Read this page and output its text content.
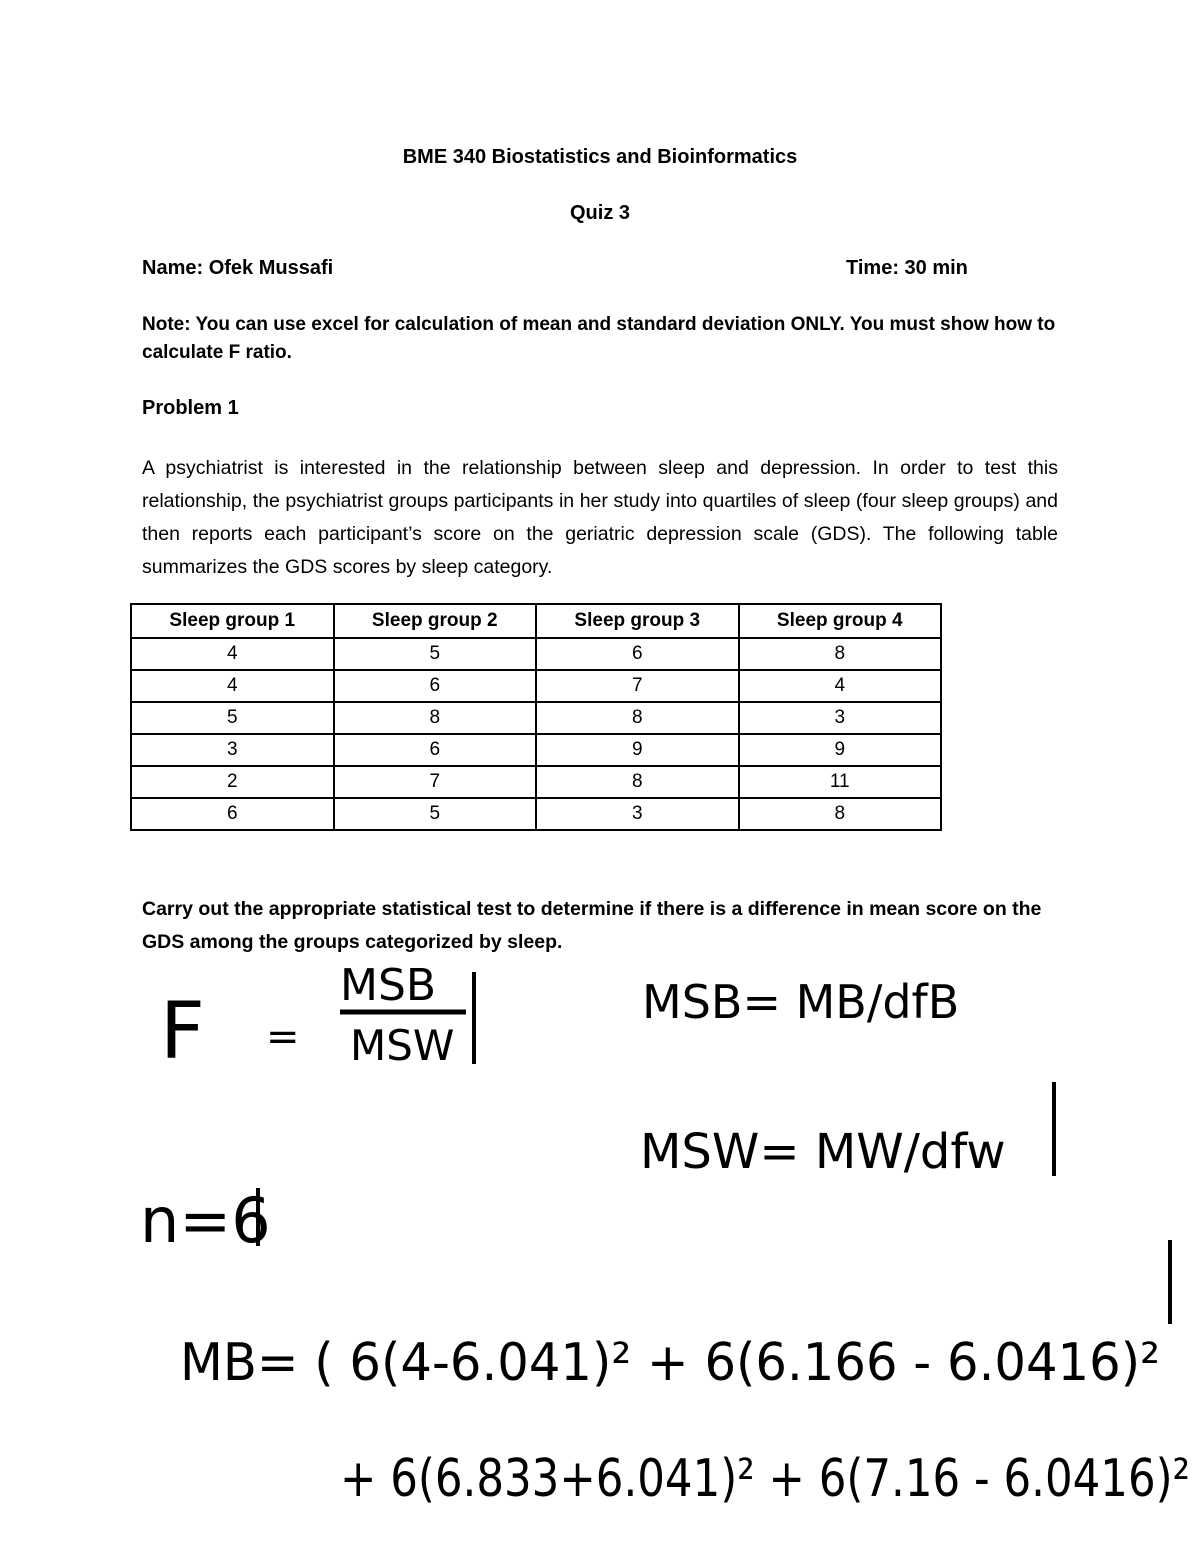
BME 340 Biostatistics and Bioinformatics
Quiz 3
Name: Ofek Mussafi	Time: 30 min
Note: You can use excel for calculation of mean and standard deviation ONLY. You must show how to calculate F ratio.
Problem 1
A psychiatrist is interested in the relationship between sleep and depression. In order to test this relationship, the psychiatrist groups participants in her study into quartiles of sleep (four sleep groups) and then reports each participant’s score on the geriatric depression scale (GDS). The following table summarizes the GDS scores by sleep category.
Sleep group 1	Sleep group 2	Sleep group 3	Sleep group 4
4	5	6	8
4	6	7	4
5	8	8	3
3	6	9	9
2	7	8	11
6	5	3	8
Carry out the appropriate statistical test to determine if there is a difference in mean score on the GDS among the groups categorized by sleep.
F =
MSB
MSW
MSB= MB/dfB
MSW= MW/dfw
n=6
MB= ( 6(4-6.041)² + 6(6.166 - 6.0416)²
+ 6(6.833+6.041)² + 6(7.16 - 6.0416)²
